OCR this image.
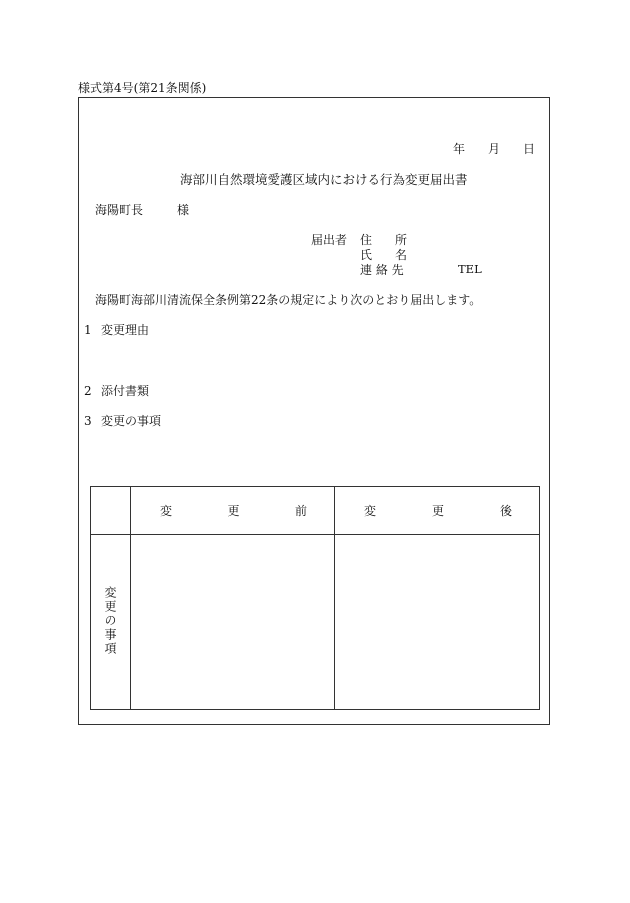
様式第4号(第21条関係)
年 月 日
海部川自然環境愛護区域内における行為変更届出書
海陽町長	様
届出者 住 所
氏 名
連 絡 先	TEL
海陽町海部川清流保全条例第22条の規定により次のとおり届出します。
1 変更理由
2 添付書類
3 変更の事項

	変 更 前	変 更 後

変更の事項		
